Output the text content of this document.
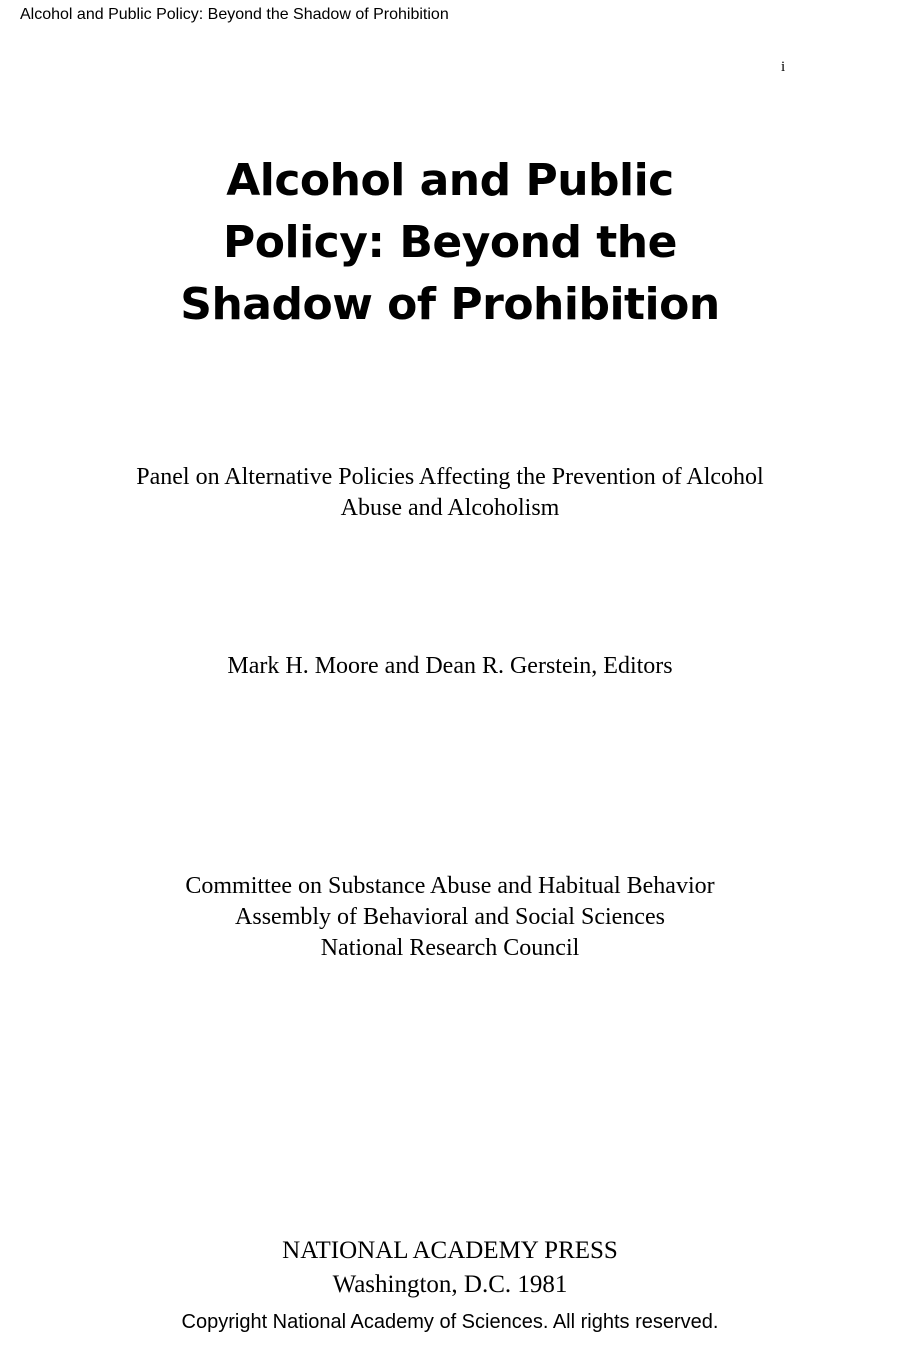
Alcohol and Public Policy: Beyond the Shadow of Prohibition
i
Alcohol and Public
Policy: Beyond the
Shadow of Prohibition
Panel on Alternative Policies Affecting the Prevention of Alcohol
Abuse and Alcoholism
Mark H. Moore and Dean R. Gerstein, Editors
Committee on Substance Abuse and Habitual Behavior
Assembly of Behavioral and Social Sciences
National Research Council
NATIONAL ACADEMY PRESS
Washington, D.C. 1981
Copyright National Academy of Sciences. All rights reserved.
